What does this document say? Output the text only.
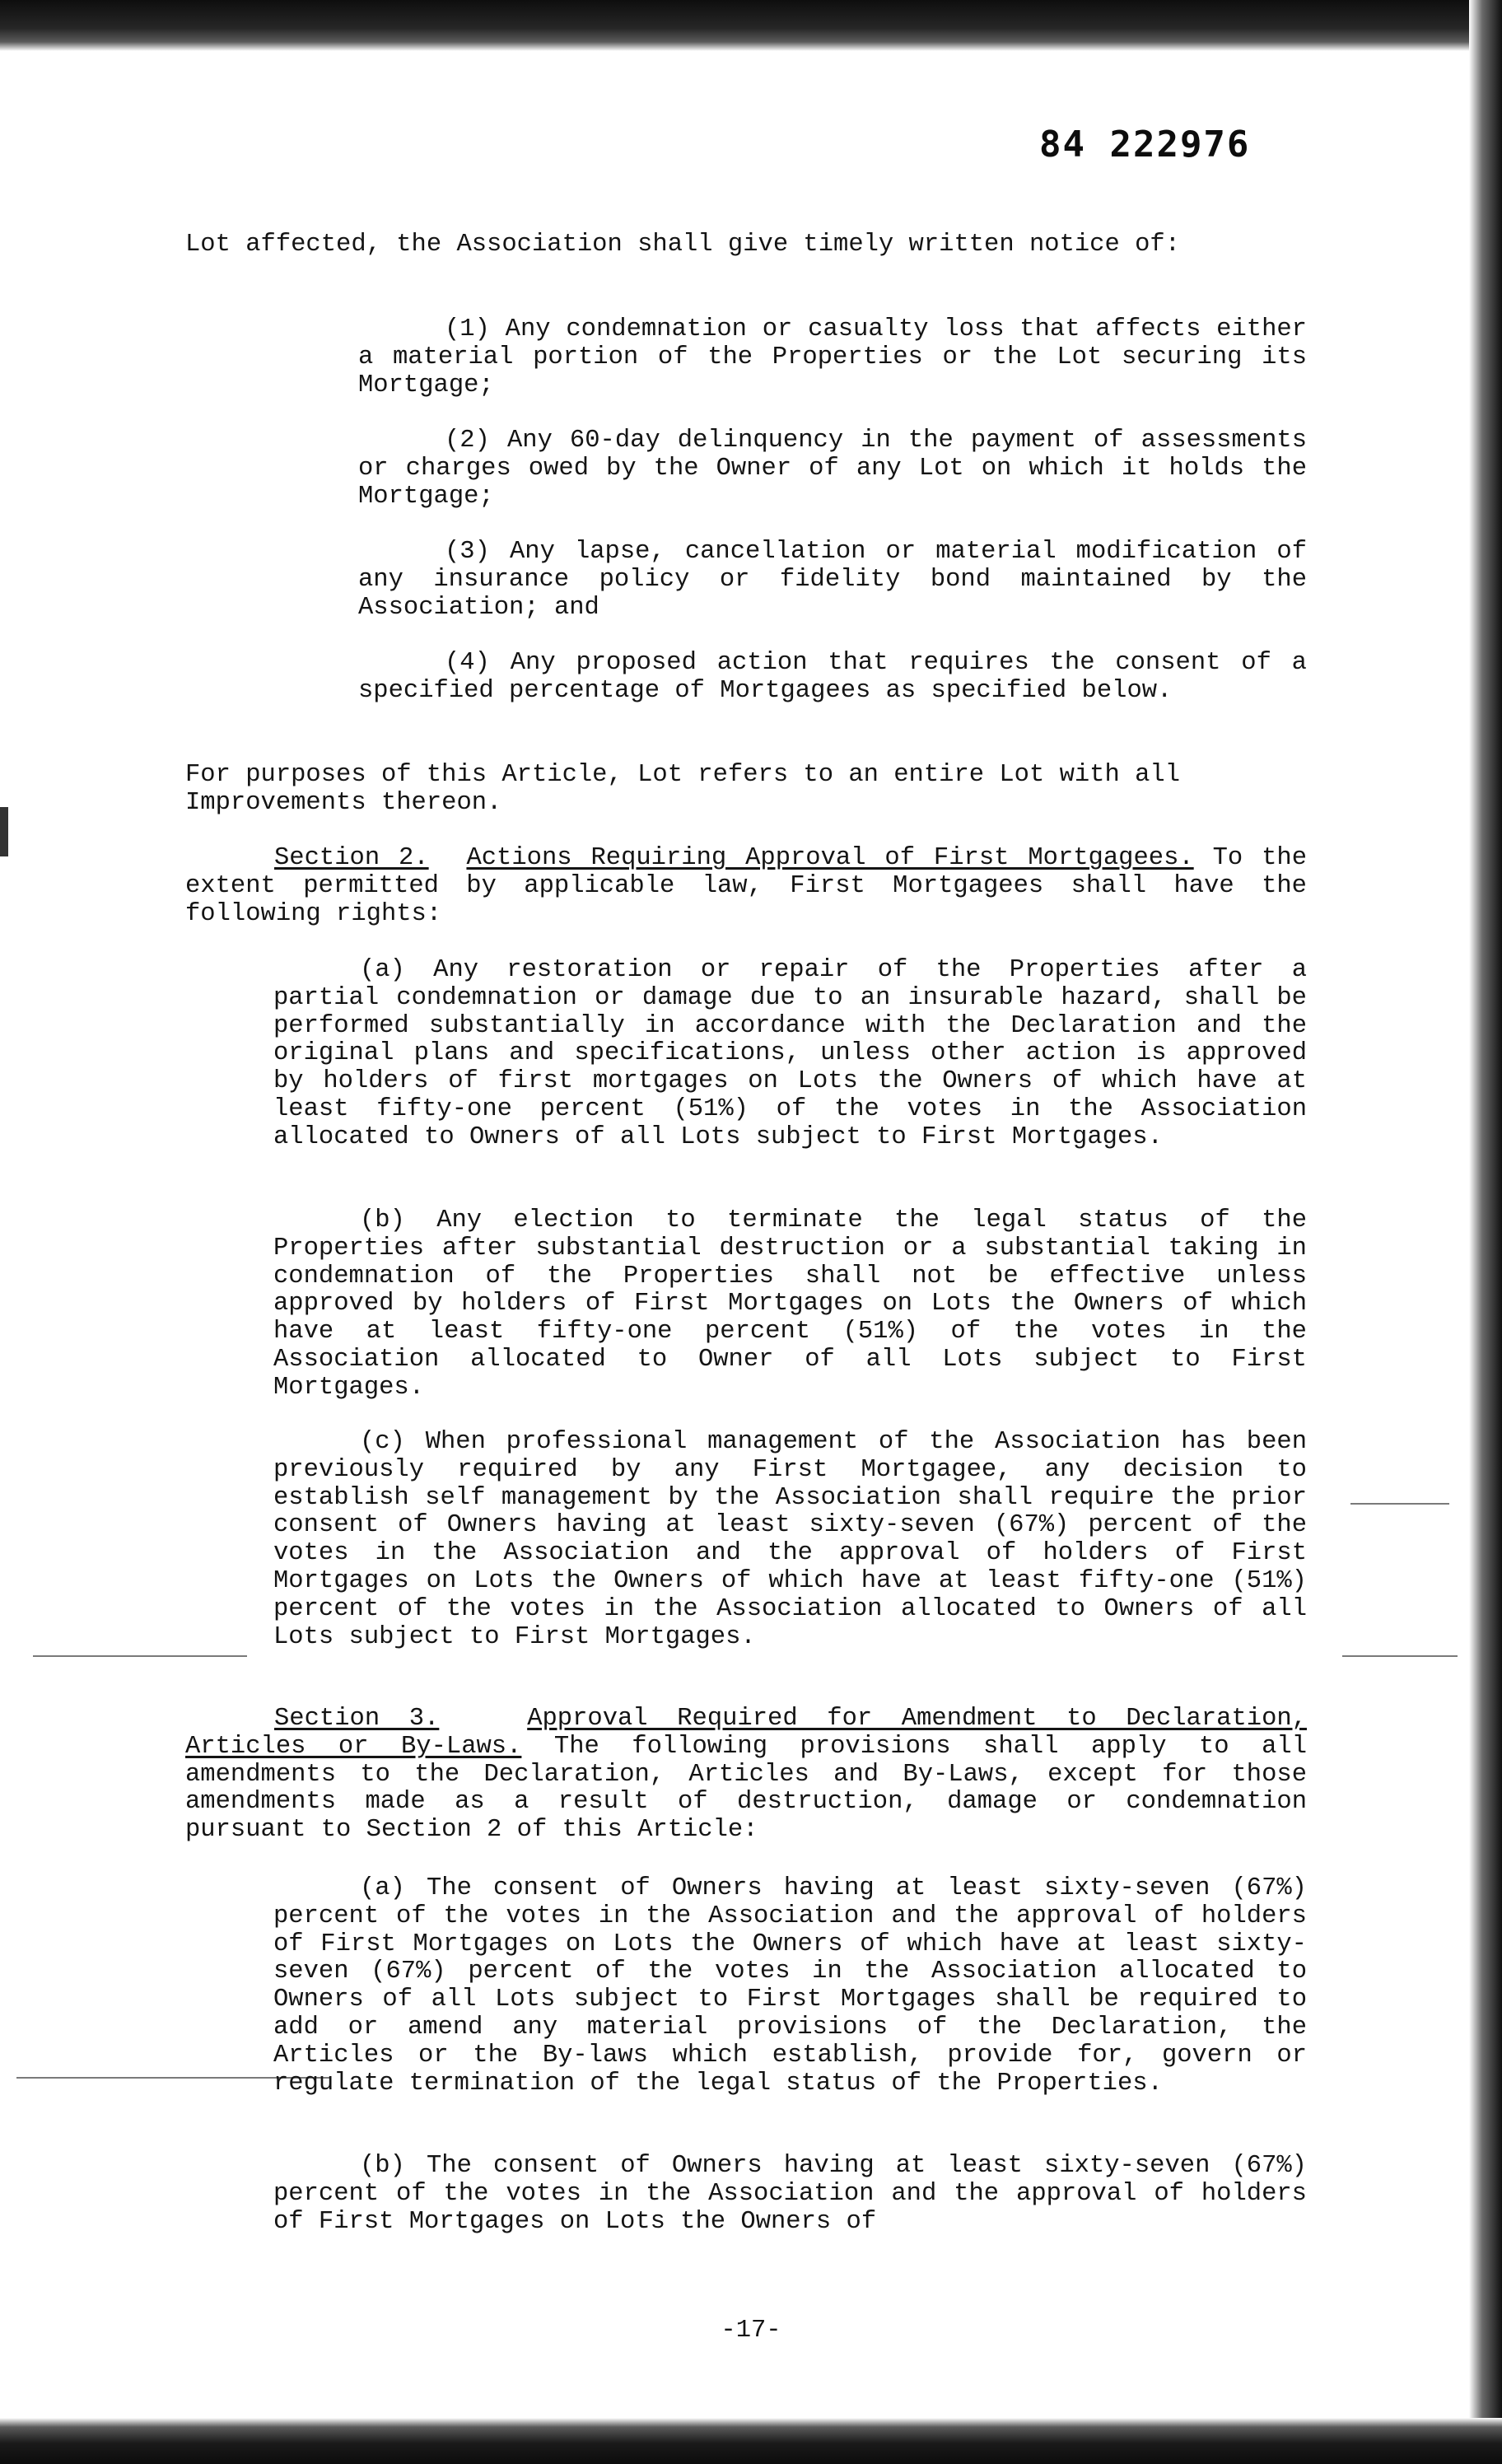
84 222976

Lot affected, the Association shall give timely written notice of:

(1) Any condemnation or casualty loss that affects either a material portion of the Properties or the Lot securing its Mortgage;

(2) Any 60-day delinquency in the payment of assessments or charges owed by the Owner of any Lot on which it holds the Mortgage;

(3) Any lapse, cancellation or material modification of any insurance policy or fidelity bond maintained by the Association; and

(4) Any proposed action that requires the consent of a specified percentage of Mortgagees as specified below.

For purposes of this Article, Lot refers to an entire Lot with all Improvements thereon.

Section 2. Actions Requiring Approval of First Mortgagees. To the extent permitted by applicable law, First Mortgagees shall have the following rights:

(a) Any restoration or repair of the Properties after a partial condemnation or damage due to an insurable hazard, shall be performed substantially in accordance with the Declaration and the original plans and specifications, unless other action is approved by holders of first mortgages on Lots the Owners of which have at least fifty-one percent (51%) of the votes in the Association allocated to Owners of all Lots subject to First Mortgages.

(b) Any election to terminate the legal status of the Properties after substantial destruction or a substantial taking in condemnation of the Properties shall not be effective unless approved by holders of First Mortgages on Lots the Owners of which have at least fifty-one percent (51%) of the votes in the Association allocated to Owner of all Lots subject to First Mortgages.

(c) When professional management of the Association has been previously required by any First Mortgagee, any decision to establish self management by the Association shall require the prior consent of Owners having at least sixty-seven (67%) percent of the votes in the Association and the approval of holders of First Mortgages on Lots the Owners of which have at least fifty-one (51%) percent of the votes in the Association allocated to Owners of all Lots subject to First Mortgages.

Section 3.	Approval Required for Amendment to Declaration, Articles or By-Laws. The following provisions shall apply to all amendments to the Declaration, Articles and By-Laws, except for those amendments made as a result of destruction, damage or condemnation pursuant to Section 2 of this Article:

(a) The consent of Owners having at least sixty-seven (67%) percent of the votes in the Association and the approval of holders of First Mortgages on Lots the Owners of which have at least sixty-seven (67%) percent of the votes in the Association allocated to Owners of all Lots subject to First Mortgages shall be required to add or amend any material provisions of the Declaration, the Articles or the By-laws which establish, provide for, govern or regulate termination of the legal status of the Properties.

(b) The consent of Owners having at least sixty-seven (67%) percent of the votes in the Association and the approval of holders of First Mortgages on Lots the Owners of

-17-
